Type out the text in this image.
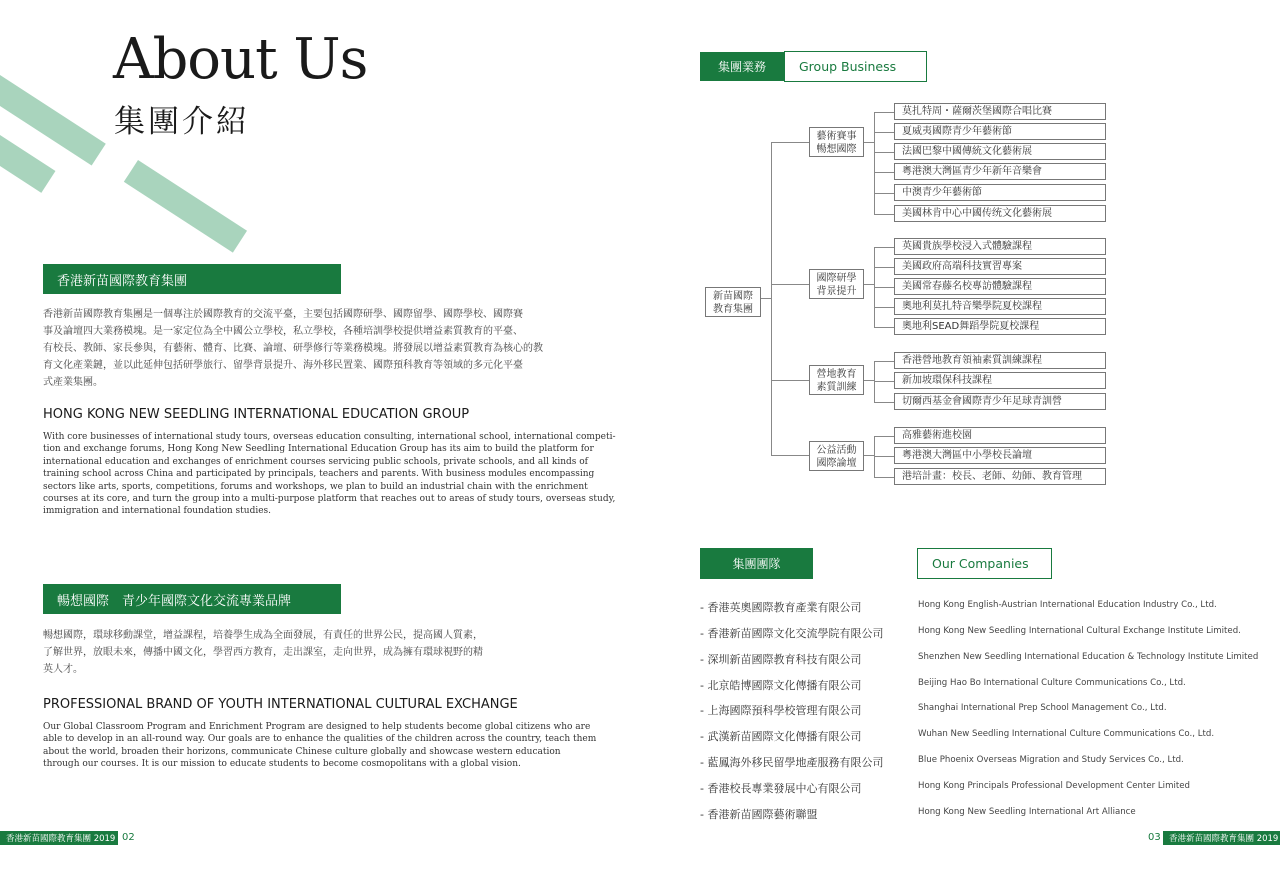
About Us
集團介紹
香港新苗國際教育集團
香港新苗國際教育集團是一個專注於國際教育的交流平臺，主要包括國際研學、國際留學、國際學校、國際賽
事及論壇四大業務模塊。是一家定位為全中國公立學校，私立學校，各種培訓學校提供增益素質教育的平臺、
有校長、教師、家長參與，有藝術、體育、比賽、論壇、研學修行等業務模塊。將發展以增益素質教育為核心的教
育文化產業鏈，並以此延伸包括研學旅行、留學背景提升、海外移民置業、國際預科教育等領域的多元化平臺
式產業集團。
HONG KONG NEW SEEDLING INTERNATIONAL EDUCATION GROUP
With core businesses of international study tours, overseas education consulting, international school, international competi-
tion and exchange forums, Hong Kong New Seedling International Education Group has its aim to build the platform for
international education and exchanges of enrichment courses servicing public schools, private schools, and all kinds of
training school across China and participated by principals, teachers and parents. With business modules encompassing
sectors like arts, sports, competitions, forums and workshops, we plan to build an industrial chain with the enrichment
courses at its core, and turn the group into a multi-purpose platform that reaches out to areas of study tours, overseas study,
immigration and international foundation studies.
暢想國際　青少年國際文化交流專業品牌
暢想國際，環球移動課堂，增益課程，培養學生成為全面發展，有責任的世界公民，提高國人質素，
了解世界，放眼未來，傳播中國文化，學習西方教育，走出課室，走向世界，成為擁有環球視野的精
英人才。
PROFESSIONAL BRAND OF YOUTH INTERNATIONAL CULTURAL EXCHANGE
Our Global Classroom Program and Enrichment Program are designed to help students become global citizens who are
able to develop in an all-round way. Our goals are to enhance the qualities of the children across the country, teach them
about the world, broaden their horizons, communicate Chinese culture globally and showcase western education
through our courses. It is our mission to educate students to become cosmopolitans with a global vision.
香港新苗國際教育集團 2019 02
集團業務	Group Business
新苗國際
教育集團
藝術賽事
暢想國際
國際研學
背景提升
營地教育
素質訓練
公益活動
國際論壇
莫扎特周・薩爾茨堡國際合唱比賽
夏威夷國際青少年藝術節
法國巴黎中國傳統文化藝術展
粵港澳大灣區青少年新年音樂會
中澳青少年藝術節
美國林肯中心中國传统文化藝術展
英國貴族學校浸入式體驗課程
美國政府高端科技實習專案
美國常春藤名校專訪體驗課程
奧地利莫扎特音樂學院夏校課程
奧地利SEAD舞蹈學院夏校課程
香港營地教育領袖素質訓練課程
新加坡環保科技課程
切爾西基金會國際青少年足球青訓營
高雅藝術進校園
粵港澳大灣區中小學校長論壇
港培計畫：校長、老師、幼師、教育管理
集團團隊	Our Companies
- 香港英奧國際教育產業有限公司	Hong Kong English-Austrian International Education Industry Co., Ltd.
- 香港新苗國際文化交流學院有限公司	Hong Kong New Seedling International Cultural Exchange Institute Limited.
- 深圳新苗國際教育科技有限公司	Shenzhen New Seedling International Education & Technology Institute Limited
- 北京皓博國際文化傳播有限公司	Beijing Hao Bo International Culture Communications Co., Ltd.
- 上海國際預科學校管理有限公司	Shanghai International Prep School Management Co., Ltd.
- 武漢新苗國際文化傳播有限公司	Wuhan New Seedling International Culture Communications Co., Ltd.
- 藍鳳海外移民留學地產服務有限公司	Blue Phoenix Overseas Migration and Study Services Co., Ltd.
- 香港校長專業發展中心有限公司	Hong Kong Principals Professional Development Center Limited
- 香港新苗國際藝術聯盟	Hong Kong New Seedling International Art Alliance
03 香港新苗國際教育集團 2019
